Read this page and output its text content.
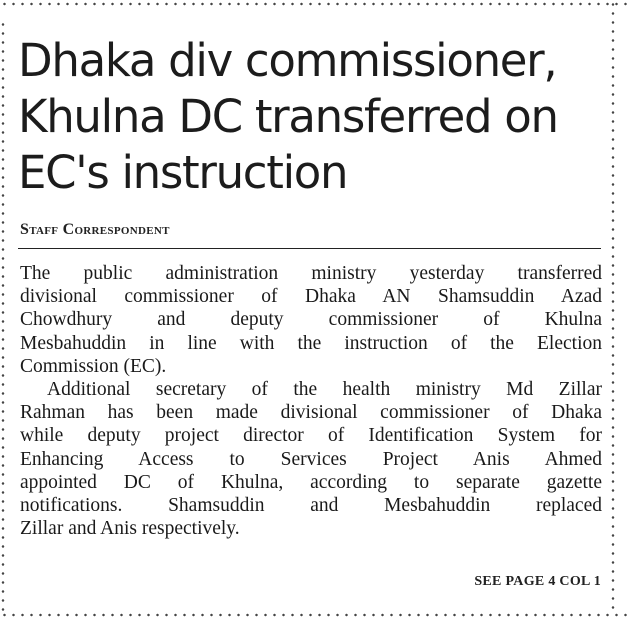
Dhaka div commissioner,
Khulna DC transferred on
EC's instruction
Staff Correspondent
The public administration ministry yesterday transferred
divisional commissioner of Dhaka AN Shamsuddin Azad
Chowdhury and deputy commissioner of Khulna
Mesbahuddin in line with the instruction of the Election
Commission (EC).
Additional secretary of the health ministry Md Zillar
Rahman has been made divisional commissioner of Dhaka
while deputy project director of Identification System for
Enhancing Access to Services Project Anis Ahmed
appointed DC of Khulna, according to separate gazette
notifications. Shamsuddin and Mesbahuddin replaced
Zillar and Anis respectively.
SEE PAGE 4 COL 1
